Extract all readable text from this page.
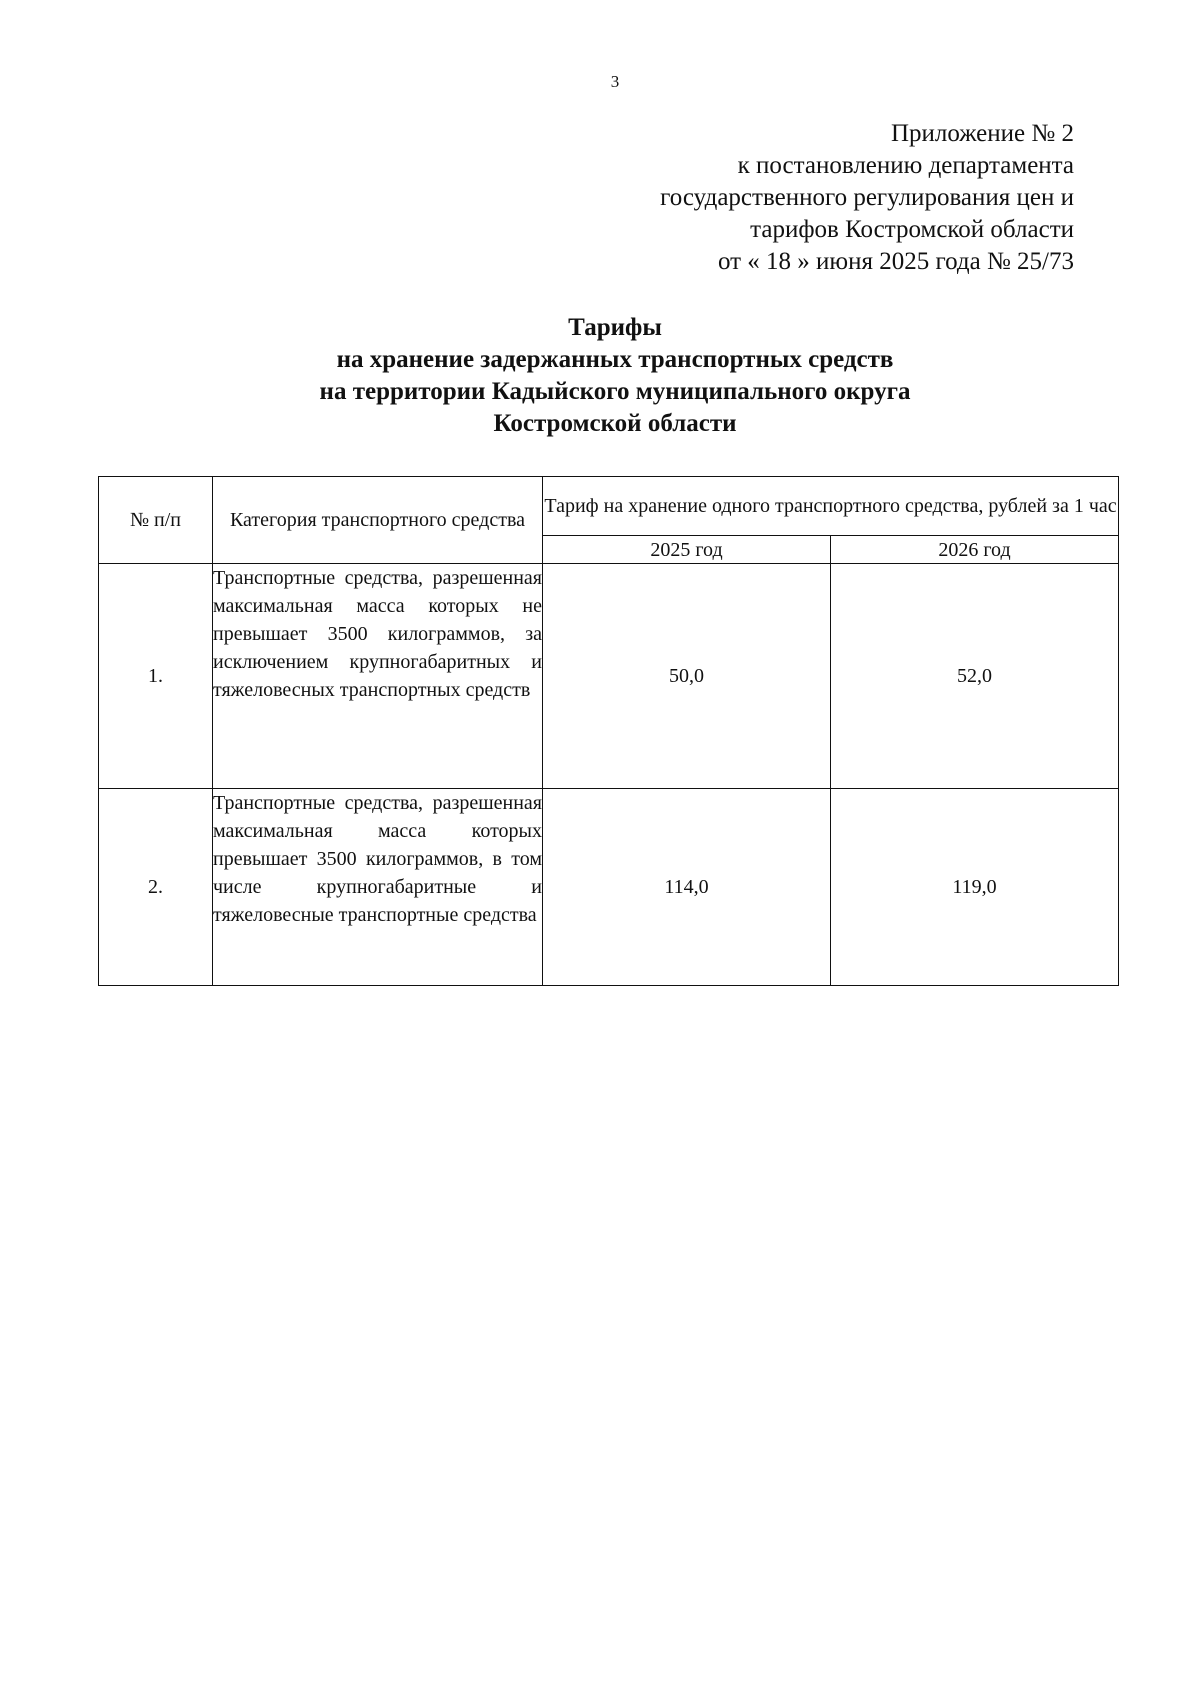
3
Приложение № 2
к постановлению департамента
государственного регулирования цен и
тарифов Костромской области
от « 18 » июня 2025 года № 25/73
Тарифы
на хранение задержанных транспортных средств
на территории Кадыйского муниципального округа
Костромской области
№ п/п	Категория транспортного средства	Тариф на хранение одного транспортного средства, рублей за 1 час	
		2025 год	2026 год
1.	Транспортные средства, разрешенная максимальная масса которых не превышает 3500 килограммов, за исключением крупногабаритных и тяжеловесных транспортных средств	50,0	52,0
2.	Транспортные средства, разрешенная максимальная масса которых превышает 3500 килограммов, в том числе крупногабаритные и тяжеловесные транспортные средства	114,0	119,0
